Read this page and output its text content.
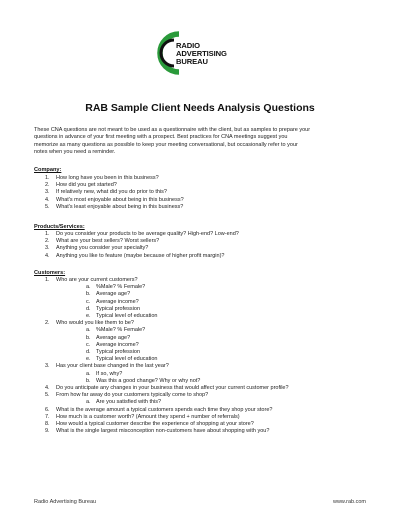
RADIO
ADVERTISING
BUREAU
RAB Sample Client Needs Analysis Questions
These CNA questions are not meant to be used as a questionnaire with the client, but as samples to prepare your
questions in advance of your first meeting with a prospect. Best practices for CNA meetings suggest you
memorize as many questions as possible to keep your meeting conversational, but occasionally refer to your
notes when you need a reminder.
Company:
1. How long have you been in this business?
2. How did you get started?
3. If relatively new, what did you do prior to this?
4. What's most enjoyable about being in this business?
5. What's least enjoyable about being in this business?
Products/Services:
1. Do you consider your products to be average quality? High-end? Low-end?
2. What are your best sellers? Worst sellers?
3. Anything you consider your specialty?
4. Anything you like to feature (maybe because of higher profit margin)?
Customers:
1. Who are your current customers?
a. %Male? % Female?
b. Average age?
c. Average income?
d. Typical profession
e. Typical level of education
2. Who would you like them to be?
a. %Male? % Female?
b. Average age?
c. Average income?
d. Typical profession
e. Typical level of education
3. Has your client base changed in the last year?
a. If so, why?
b. Was this a good change? Why or why not?
4. Do you anticipate any changes in your business that would affect your current customer profile?
5. From how far away do your customers typically come to shop?
a. Are you satisfied with this?
6. What is the average amount a typical customers spends each time they shop your store?
7. How much is a customer worth? (Amount they spend + number of referrals)
8. How would a typical customer describe the experience of shopping at your store?
9. What is the single largest misconception non-customers have about shopping with you?
Radio Advertising Bureau	www.rab.com
